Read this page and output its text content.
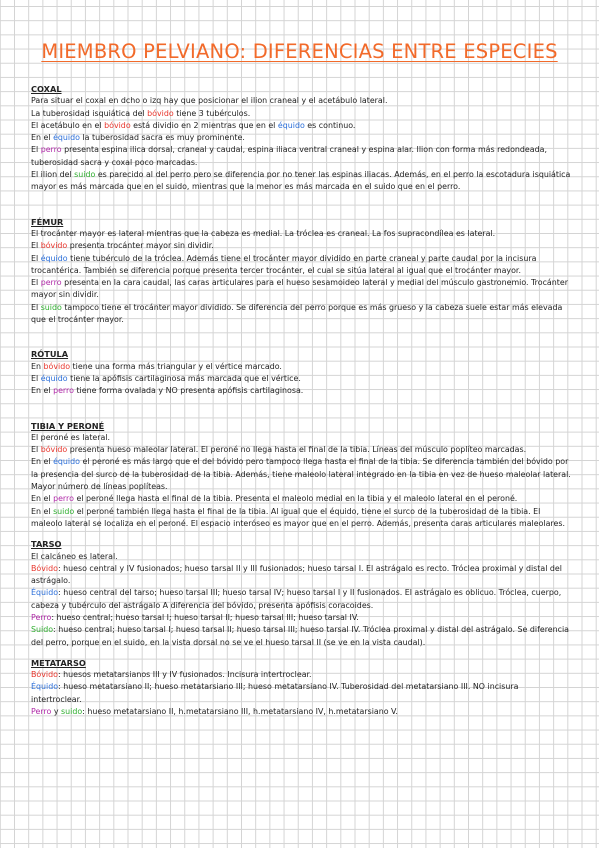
MIEMBRO PELVIANO: DIFERENCIAS ENTRE ESPECIES

COXAL

Para situar el coxal en dcho o izq hay que posicionar el ilion craneal y el acetábulo lateral.

La tuberosidad isquiática del bóvido tiene 3 tubérculos.

El acetábulo en el bóvido está dividio en 2 mientras que en el équido es continuo.

En el équido la tuberosidad sacra es muy prominente.

El perro presenta espina ilica dorsal, craneal y caudal, espina iliaca ventral craneal y espina alar. Ilion con forma más redondeada, tuberosidad sacra y coxal poco marcadas.

El ilion del suido es parecido al del perro pero se diferencia por no tener las espinas iliacas. Además, en el perro la escotadura isquiática mayor es más marcada que en el suido, mientras que la menor es más marcada en el suido que en el perro.

FÉMUR

El trocánter mayor es lateral mientras que la cabeza es medial. La tróclea es craneal. La fos supracondílea es lateral.

El bóvido presenta trocánter mayor sin dividir.

El équido tiene tubérculo de la tróclea. Además tiene el trocánter mayor dividido en parte craneal y parte caudal por la incisura trocantérica. También se diferencia porque presenta tercer trocánter, el cual se sitúa lateral al igual que el trocánter mayor.

El perro presenta en la cara caudal, las caras articulares para el hueso sesamoideo lateral y medial del músculo gastronemio. Trocánter mayor sin dividir.

El suido tampoco tiene el trocánter mayor dividido. Se diferencia del perro porque es más grueso y la cabeza suele estar más elevada que el trocánter mayor.

RÓTULA

En bóvido tiene una forma más triangular y el vértice marcado.

El équido tiene la apófisis cartilaginosa más marcada que el vértice.

En el perro tiene forma ovalada y NO presenta apófisis cartilaginosa.

TIBIA Y PERONÉ

El peroné es lateral.

El bóvido presenta hueso maleolar lateral. El peroné no llega hasta el final de la tibia. Líneas del músculo poplíteo marcadas.

En el équido el peroné es más largo que el del bóvido pero tampoco llega hasta el final de la tibia. Se diferencia también del bóvido por la presencia del surco de la tuberosidad de la tibia. Además, tiene maleolo lateral integrado en la tibia en vez de hueso maleolar lateral. Mayor número de líneas poplíteas.

En el perro el peroné llega hasta el final de la tibia. Presenta el maleolo medial en la tibia y el maleolo lateral en el peroné.

En el suido el peroné también llega hasta el final de la tibia. Al igual que el équido, tiene el surco de la tuberosidad de la tibia. El maleolo lateral se localiza en el peroné. El espacio interóseo es mayor que en el perro. Además, presenta caras articulares maleolares.

TARSO

El calcáneo es lateral.

Bóvido: hueso central y IV fusionados; hueso tarsal II y III fusionados; hueso tarsal I. El astrágalo es recto. Tróclea proximal y distal del astrágalo.

Équido: hueso central del tarso; hueso tarsal III; hueso tarsal IV; hueso tarsal I y II fusionados. El astrágalo es oblicuo. Tróclea, cuerpo, cabeza y tubérculo del astrágalo A diferencia del bóvido, presenta apófisis coracoides.

Perro: hueso central; hueso tarsal I; hueso tarsal II; hueso tarsal III; hueso tarsal IV.

Suido: hueso central; hueso tarsal I; hueso tarsal II; hueso tarsal III; hueso tarsal IV. Tróclea proximal y distal del astrágalo. Se diferencia del perro, porque en el suido, en la vista dorsal no se ve el hueso tarsal II (se ve en la vista caudal).

METATARSO

Bóvido: huesos metatarsianos III y IV fusionados. Incisura intertroclear.

Équido: hueso metatarsiano II; hueso metatarsiano III; hueso metatarsiano IV. Tuberosidad del metatarsiano III. NO incisura intertroclear.

Perro y suido: hueso metatarsiano II, h.metatarsiano III, h.metatarsiano IV, h.metatarsiano V.
